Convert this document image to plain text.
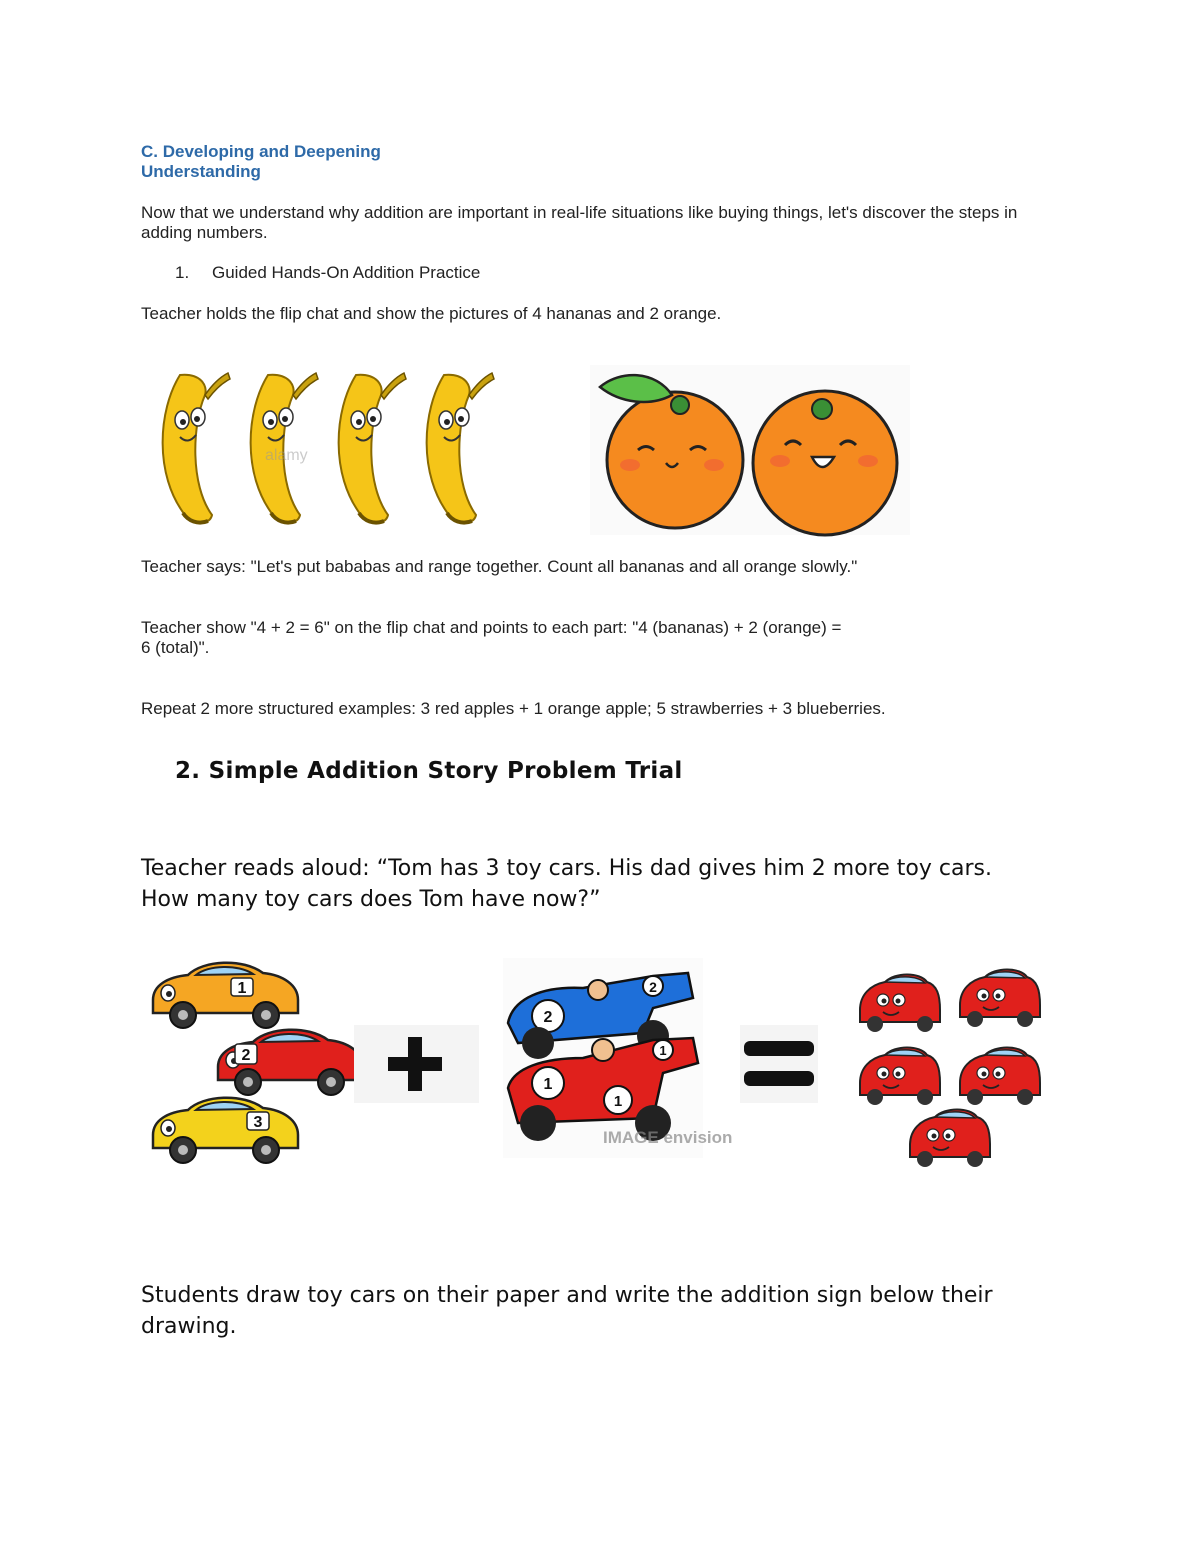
C. Developing and Deepening
Understanding
Now that we understand why addition are important in real-life situations like buying things, let's discover the steps in adding numbers.
1. Guided Hands-On Addition Practice
Teacher holds the flip chat and show the pictures of 4 hananas and 2 orange.
alamy
Teacher says: "Let's put bababas and range together. Count all bananas and all orange slowly."
Teacher show "4 + 2 = 6" on the flip chat and points to each part: "4 (bananas) + 2 (orange) =
6 (total)".
Repeat 2 more structured examples: 3 red apples + 1 orange apple; 5 strawberries + 3 blueberries.
2. Simple Addition Story Problem Trial
Teacher reads aloud: “Tom has 3 toy cars. His dad gives him 2 more toy cars.
How many toy cars does Tom have now?”
1
2
3
2
2
1
1
1
IMAGE envision
Students draw toy cars on their paper and write the addition sign below their
drawing.
